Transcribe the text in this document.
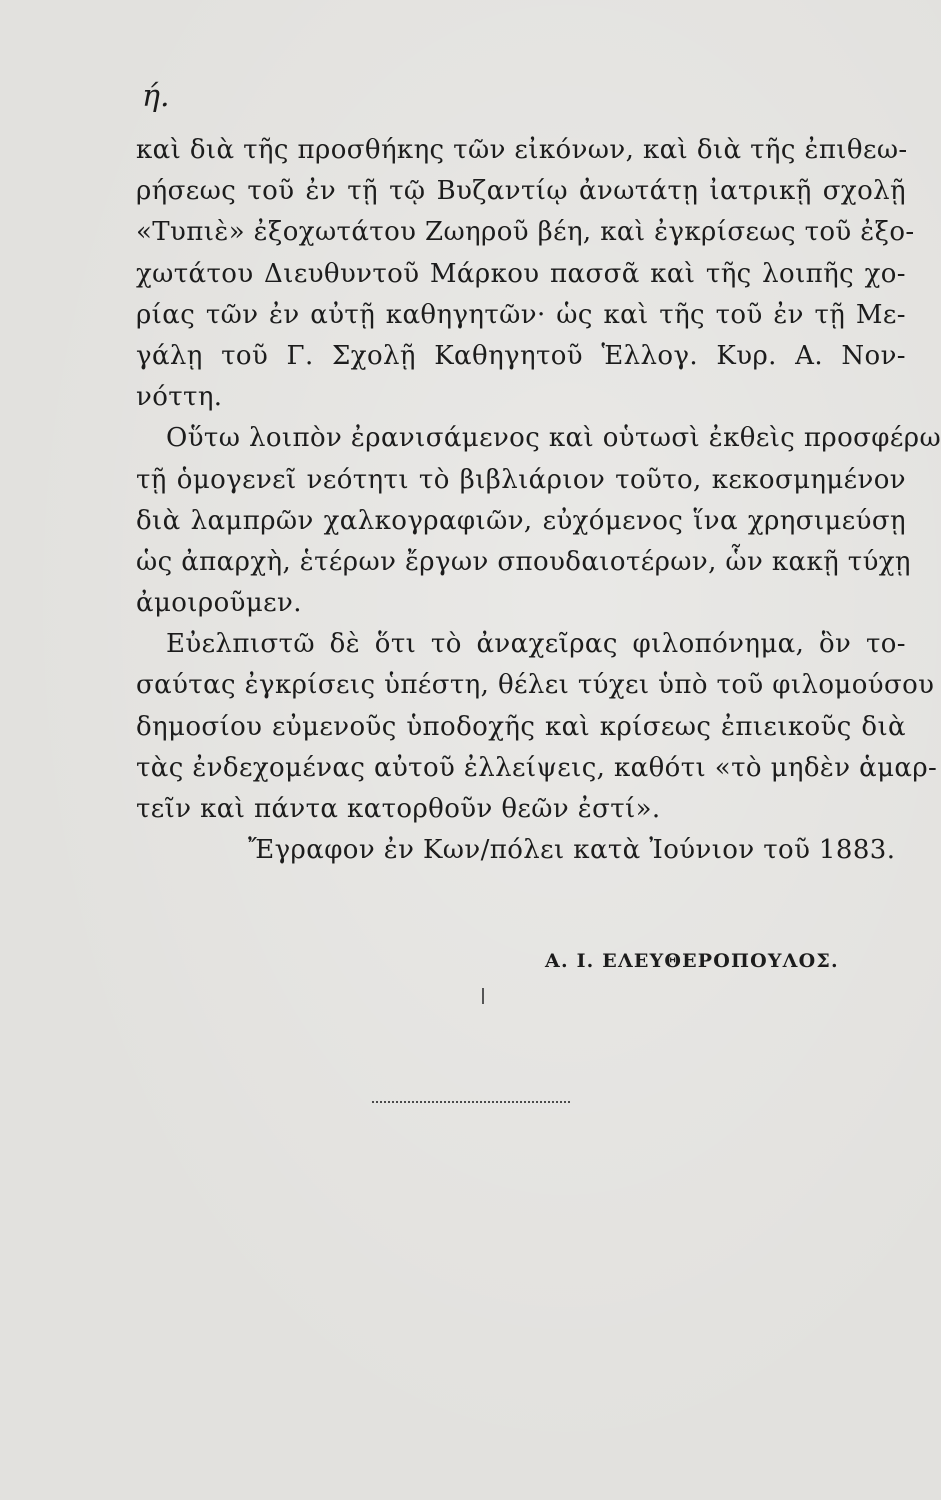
ή.
καὶ διὰ τῆς προσθήκης τῶν εἰκόνων, καὶ διὰ τῆς ἐπιθεω-
ρήσεως τοῦ ἐν τῇ τῷ Βυζαντίῳ ἀνωτάτῃ ἰατρικῇ σχολῇ
«Τυπιὲ» ἐξοχωτάτου Ζωηροῦ βέη, καὶ ἐγκρίσεως τοῦ ἐξο-
χωτάτου Διευθυντοῦ Μάρκου πασσᾶ καὶ τῆς λοιπῆς χο-
ρίας τῶν ἐν αὐτῇ καθηγητῶν· ὡς καὶ τῆς τοῦ ἐν τῇ Με-
γάλῃ τοῦ Γ. Σχολῇ Καθηγητοῦ Ἑλλογ. Κυρ. Α. Νον-
νόττη.
Οὕτω λοιπὸν ἐρανισάμενος καὶ οὑτωσὶ ἐκθεὶς προσφέρω
τῇ ὁμογενεῖ νεότητι τὸ βιβλιάριον τοῦτο, κεκοσμημένον
διὰ λαμπρῶν χαλκογραφιῶν, εὐχόμενος ἵνα χρησιμεύσῃ
ὡς ἀπαρχὴ, ἑτέρων ἔργων σπουδαιοτέρων, ὧν κακῇ τύχῃ
ἀμοιροῦμεν.
Εὐελπιστῶ δὲ ὅτι τὸ ἀναχεῖρας φιλοπόνημα, ὃν το-
σαύτας ἐγκρίσεις ὑπέστη, θέλει τύχει ὑπὸ τοῦ φιλομούσου
δημοσίου εὐμενοῦς ὑποδοχῆς καὶ κρίσεως ἐπιεικοῦς διὰ
τὰς ἐνδεχομένας αὐτοῦ ἐλλείψεις, καθότι «τὸ μηδὲν ἁμαρ-
τεῖν καὶ πάντα κατορθοῦν θεῶν ἐστί».
Ἔγραφον ἐν Κων/πόλει κατὰ Ἰούνιον τοῦ 1883.
Α. Ι. ΕΛΕΥΘΕΡΟΠΟΥΛΟΣ.
